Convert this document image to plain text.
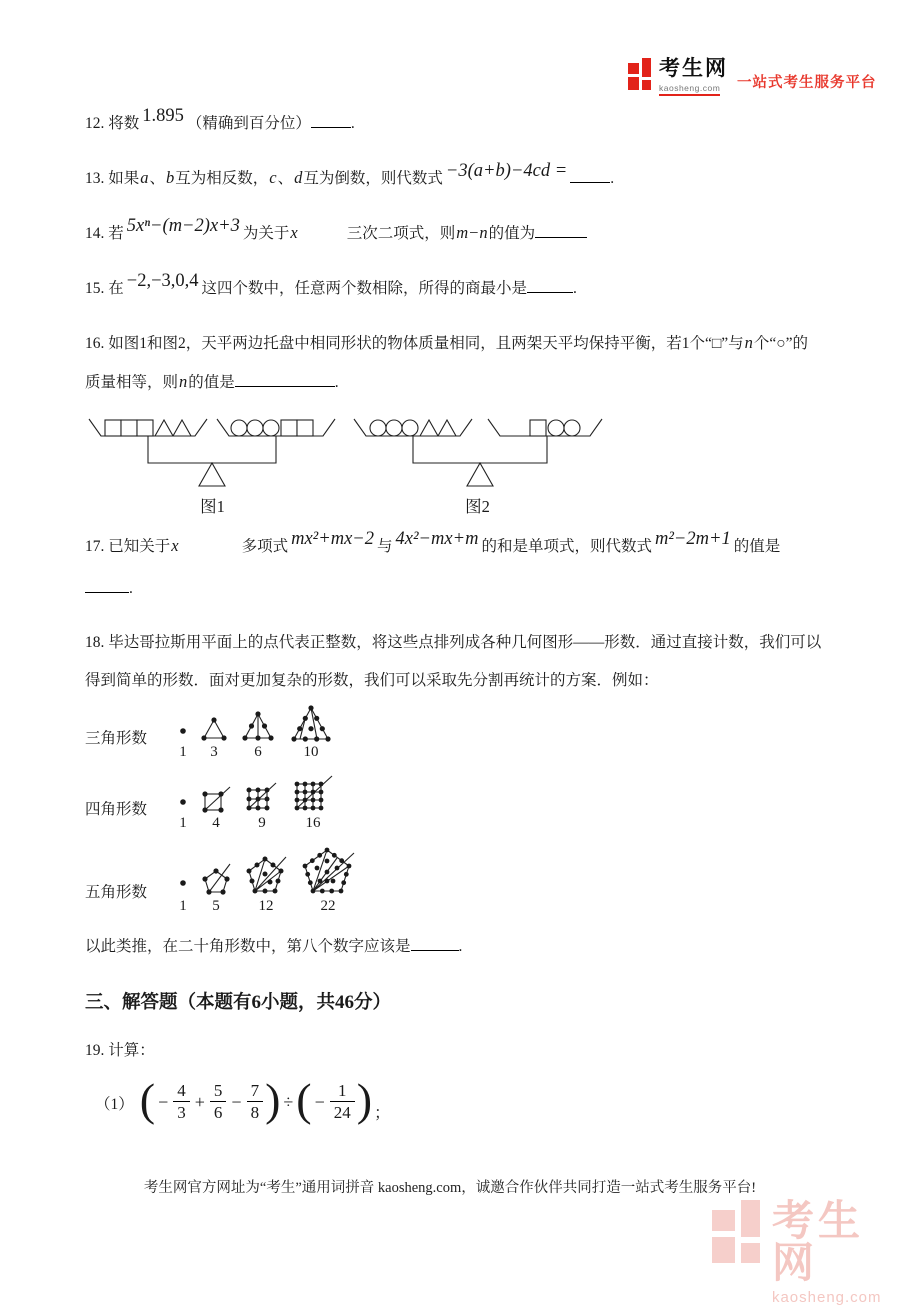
考生网
kaosheng.com	一站式考生服务平台
12. 将数 1.895 （精确到百分位）	.
13. 如果a、b互为相反数，c、d互为倒数，则代数式 −3(a+b)−4cd =	.
14. 若 5xⁿ−(m−2)x+3 为关于x	三次二项式，则m−n的值为
15. 在 −2,−3,0,4 这四个数中，任意两个数相除，所得的商最小是	.
16. 如图1和图2，天平两边托盘中相同形状的物体质量相同，且两架天平均保持平衡，若1个“□”与n个“○”的质量相等，则n的值是	.
图1	图2
17. 已知关于x	多项式 mx²+mx−2 与 4x²−mx+m 的和是单项式，则代数式 m²−2m+1 的值是
.
18. 毕达哥拉斯用平面上的点代表正整数，将这些点排列成各种几何图形——形数．通过直接计数，我们可以得到简单的形数．面对更加复杂的形数，我们可以采取先分割再统计的方案．例如：
三角形数
1 3 6	10
四角形数
1 4	9	16
五角形数
1 5	12	22
以此类推，在二十角形数中，第八个数字应该是	.
三、解答题（本题有6小题，共46分）
19. 计算：
（1） ( − $\frac{4}{3} + \frac{5}{6} - \frac{7}{8}$ ) ÷ ( − $\frac{1}{24}$ ) ；
考生网官方网址为“考生”通用词拼音 kaosheng.com，诚邀合作伙伴共同打造一站式考生服务平台!
考生网
kaosheng.com
